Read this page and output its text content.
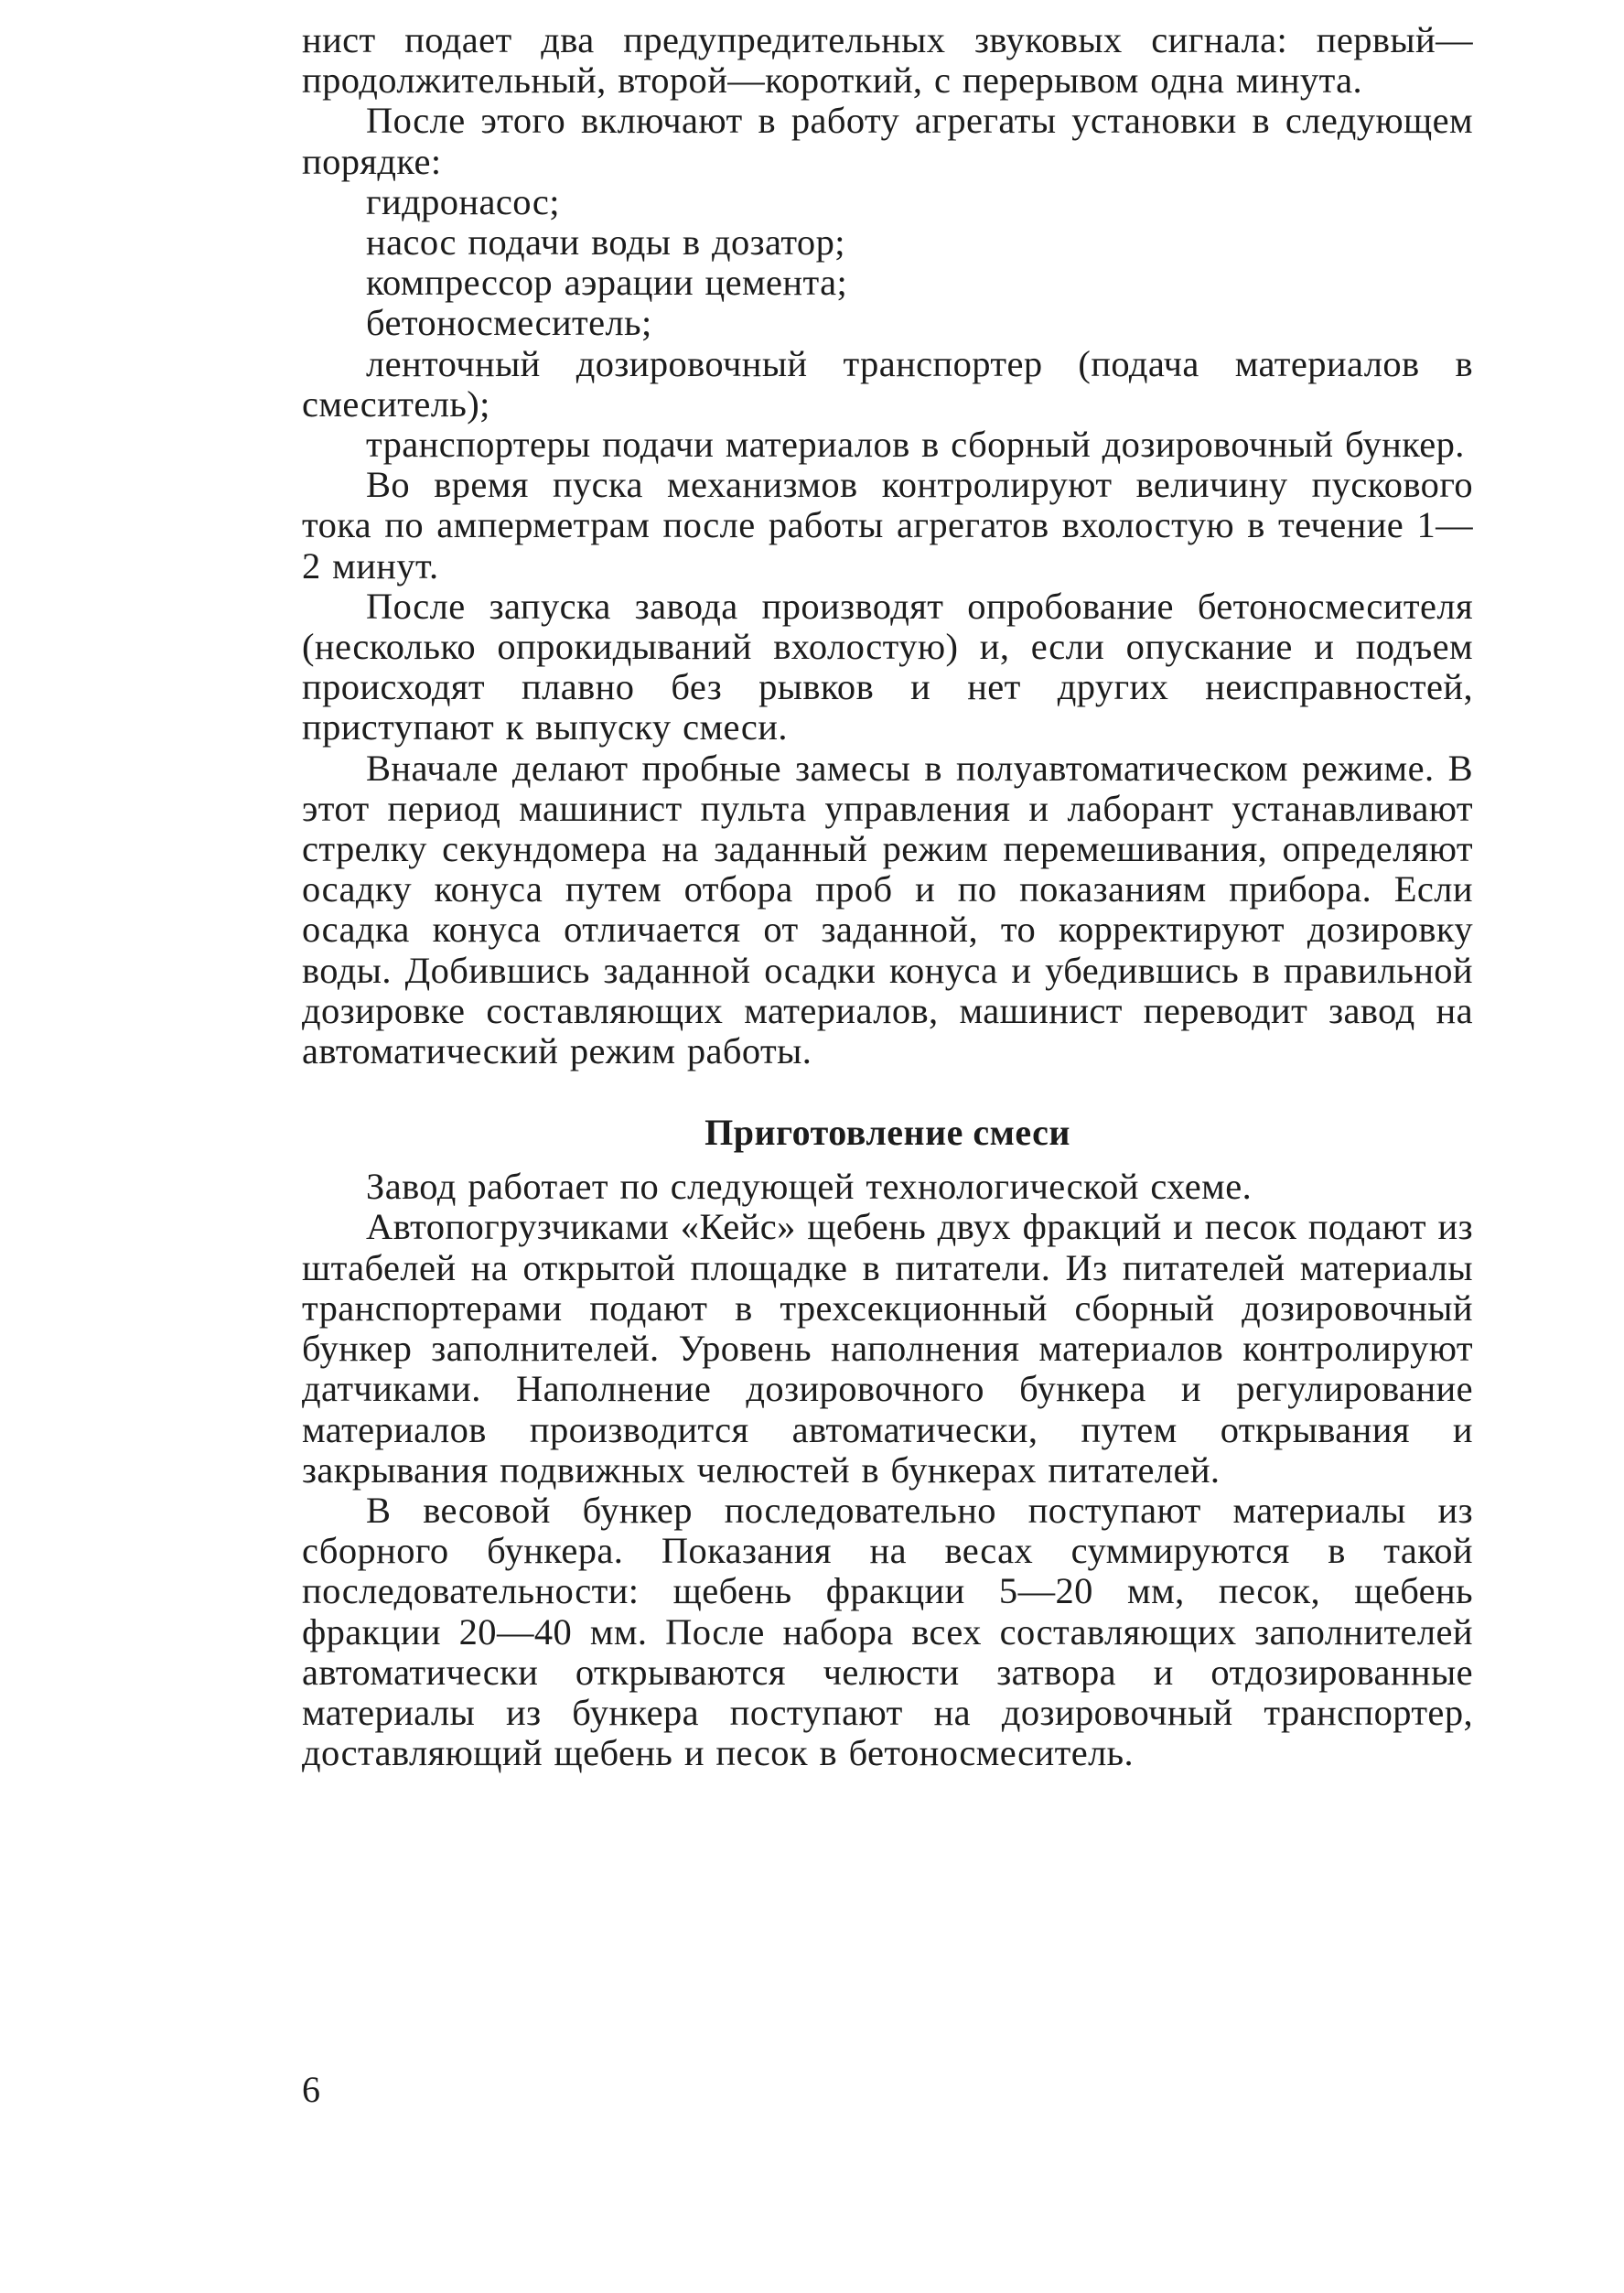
нист подает два предупредительных звуковых сигнала: первый—продолжительный, второй—короткий, с перерывом одна минута.

После этого включают в работу агрегаты установки в следующем порядке:

гидронасос;

насос подачи воды в дозатор;

компрессор аэрации цемента;

бетоносмеситель;

ленточный дозировочный транспортер (подача материалов в смеситель);

транспортеры подачи материалов в сборный дозировочный бункер.

Во время пуска механизмов контролируют величину пускового тока по амперметрам после работы агрегатов вхолостую в течение 1—2 минут.

После запуска завода производят опробование бетоносмесителя (несколько опрокидываний вхолостую) и, если опускание и подъем происходят плавно без рывков и нет других неисправностей, приступают к выпуску смеси.

Вначале делают пробные замесы в полуавтоматическом режиме. В этот период машинист пульта управления и лаборант устанавливают стрелку секундомера на заданный режим перемешивания, определяют осадку конуса путем отбора проб и по показаниям прибора. Если осадка конуса отличается от заданной, то корректируют дозировку воды. Добившись заданной осадки конуса и убедившись в правильной дозировке составляющих материалов, машинист переводит завод на автоматический режим работы.

Приготовление смеси

Завод работает по следующей технологической схеме.

Автопогрузчиками «Кейс» щебень двух фракций и песок подают из штабелей на открытой площадке в питатели. Из питателей материалы транспортерами подают в трехсекционный сборный дозировочный бункер заполнителей. Уровень наполнения материалов контролируют датчиками. Наполнение дозировочного бункера и регулирование материалов производится автоматически, путем открывания и закрывания подвижных челюстей в бункерах питателей.

В весовой бункер последовательно поступают материалы из сборного бункера. Показания на весах суммируются в такой последовательности: щебень фракции 5—20 мм, песок, щебень фракции 20—40 мм. После набора всех составляющих заполнителей автоматически открываются челюсти затвора и отдозированные материалы из бункера поступают на дозировочный транспортер, доставляющий щебень и песок в бетоносмеситель.

6
